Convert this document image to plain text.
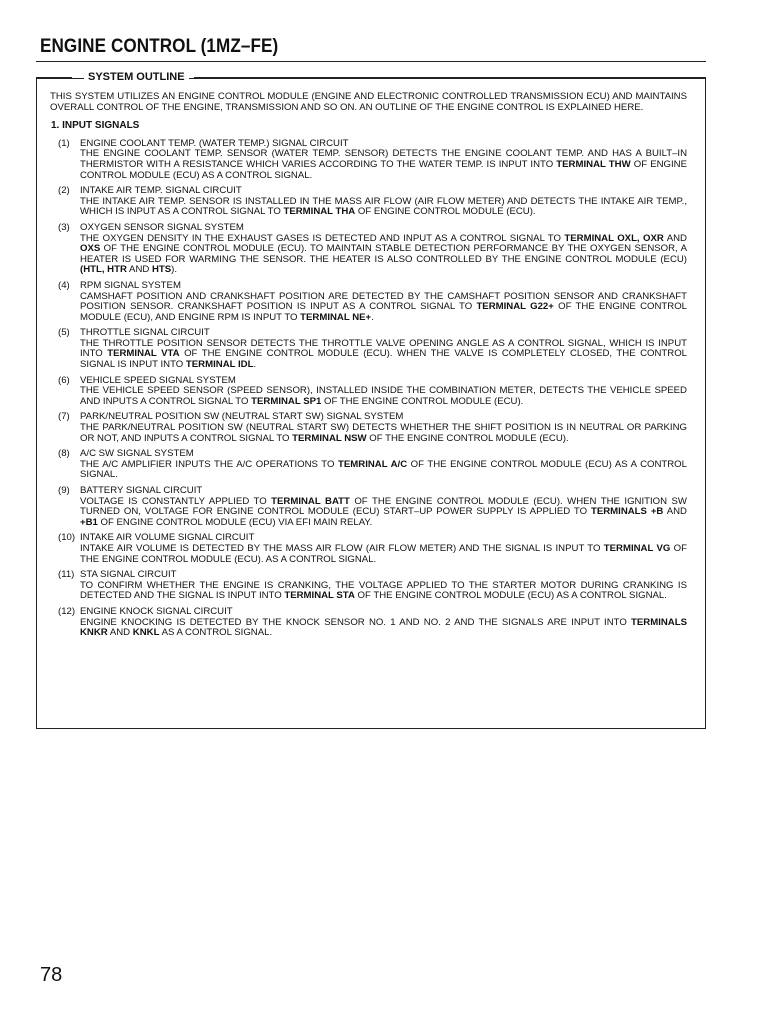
ENGINE CONTROL (1MZ–FE)
SYSTEM OUTLINE

THIS SYSTEM UTILIZES AN ENGINE CONTROL MODULE (ENGINE AND ELECTRONIC CONTROLLED TRANSMISSION ECU) AND MAINTAINS OVERALL CONTROL OF THE ENGINE, TRANSMISSION AND SO ON. AN OUTLINE OF THE ENGINE CONTROL IS EXPLAINED HERE.

1. INPUT SIGNALS
(1)	ENGINE COOLANT TEMP. (WATER TEMP.) SIGNAL CIRCUIT
THE ENGINE COOLANT TEMP. SENSOR (WATER TEMP. SENSOR) DETECTS THE ENGINE COOLANT TEMP. AND HAS A BUILT–IN THERMISTOR WITH A RESISTANCE WHICH VARIES ACCORDING TO THE WATER TEMP. IS INPUT INTO TERMINAL THW OF ENGINE CONTROL MODULE (ECU) AS A CONTROL SIGNAL.
(2)	INTAKE AIR TEMP. SIGNAL CIRCUIT
THE INTAKE AIR TEMP. SENSOR IS INSTALLED IN THE MASS AIR FLOW (AIR FLOW METER) AND DETECTS THE INTAKE AIR TEMP., WHICH IS INPUT AS A CONTROL SIGNAL TO TERMINAL THA OF ENGINE CONTROL MODULE (ECU).
(3)	OXYGEN SENSOR SIGNAL SYSTEM
THE OXYGEN DENSITY IN THE EXHAUST GASES IS DETECTED AND INPUT AS A CONTROL SIGNAL TO TERMINAL OXL, OXR AND OXS OF THE ENGINE CONTROL MODULE (ECU). TO MAINTAIN STABLE DETECTION PERFORMANCE BY THE OXYGEN SENSOR, A HEATER IS USED FOR WARMING THE SENSOR. THE HEATER IS ALSO CONTROLLED BY THE ENGINE CONTROL MODULE (ECU) (HTL, HTR AND HTS).
(4)	RPM SIGNAL SYSTEM
CAMSHAFT POSITION AND CRANKSHAFT POSITION ARE DETECTED BY THE CAMSHAFT POSITION SENSOR AND CRANKSHAFT POSITION SENSOR. CRANKSHAFT POSITION IS INPUT AS A CONTROL SIGNAL TO TERMINAL G22+ OF THE ENGINE CONTROL MODULE (ECU), AND ENGINE RPM IS INPUT TO TERMINAL NE+.
(5)	THROTTLE SIGNAL CIRCUIT
THE THROTTLE POSITION SENSOR DETECTS THE THROTTLE VALVE OPENING ANGLE AS A CONTROL SIGNAL, WHICH IS INPUT INTO TERMINAL VTA OF THE ENGINE CONTROL MODULE (ECU). WHEN THE VALVE IS COMPLETELY CLOSED, THE CONTROL SIGNAL IS INPUT INTO TERMINAL IDL.
(6)	VEHICLE SPEED SIGNAL SYSTEM
THE VEHICLE SPEED SENSOR (SPEED SENSOR), INSTALLED INSIDE THE COMBINATION METER, DETECTS THE VEHICLE SPEED AND INPUTS A CONTROL SIGNAL TO TERMINAL SP1 OF THE ENGINE CONTROL MODULE (ECU).
(7)	PARK/NEUTRAL POSITION SW (NEUTRAL START SW) SIGNAL SYSTEM
THE PARK/NEUTRAL POSITION SW (NEUTRAL START SW) DETECTS WHETHER THE SHIFT POSITION IS IN NEUTRAL OR PARKING OR NOT, AND INPUTS A CONTROL SIGNAL TO TERMINAL NSW OF THE ENGINE CONTROL MODULE (ECU).
(8)	A/C SW SIGNAL SYSTEM
THE A/C AMPLIFIER INPUTS THE A/C OPERATIONS TO TEMRINAL A/C OF THE ENGINE CONTROL MODULE (ECU) AS A CONTROL SIGNAL.
(9)	BATTERY SIGNAL CIRCUIT
VOLTAGE IS CONSTANTLY APPLIED TO TERMINAL BATT OF THE ENGINE CONTROL MODULE (ECU). WHEN THE IGNITION SW TURNED ON, VOLTAGE FOR ENGINE CONTROL MODULE (ECU) START–UP POWER SUPPLY IS APPLIED TO TERMINALS +B AND +B1 OF ENGINE CONTROL MODULE (ECU) VIA EFI MAIN RELAY.
(10) INTAKE AIR VOLUME SIGNAL CIRCUIT
INTAKE AIR VOLUME IS DETECTED BY THE MASS AIR FLOW (AIR FLOW METER) AND THE SIGNAL IS INPUT TO TERMINAL VG OF THE ENGINE CONTROL MODULE (ECU). AS A CONTROL SIGNAL.
(11) STA SIGNAL CIRCUIT
TO CONFIRM WHETHER THE ENGINE IS CRANKING, THE VOLTAGE APPLIED TO THE STARTER MOTOR DURING CRANKING IS DETECTED AND THE SIGNAL IS INPUT INTO TERMINAL STA OF THE ENGINE CONTROL MODULE (ECU) AS A CONTROL SIGNAL.
(12) ENGINE KNOCK SIGNAL CIRCUIT
ENGINE KNOCKING IS DETECTED BY THE KNOCK SENSOR NO. 1 AND NO. 2 AND THE SIGNALS ARE INPUT INTO TERMINALS KNKR AND KNKL AS A CONTROL SIGNAL.
78
